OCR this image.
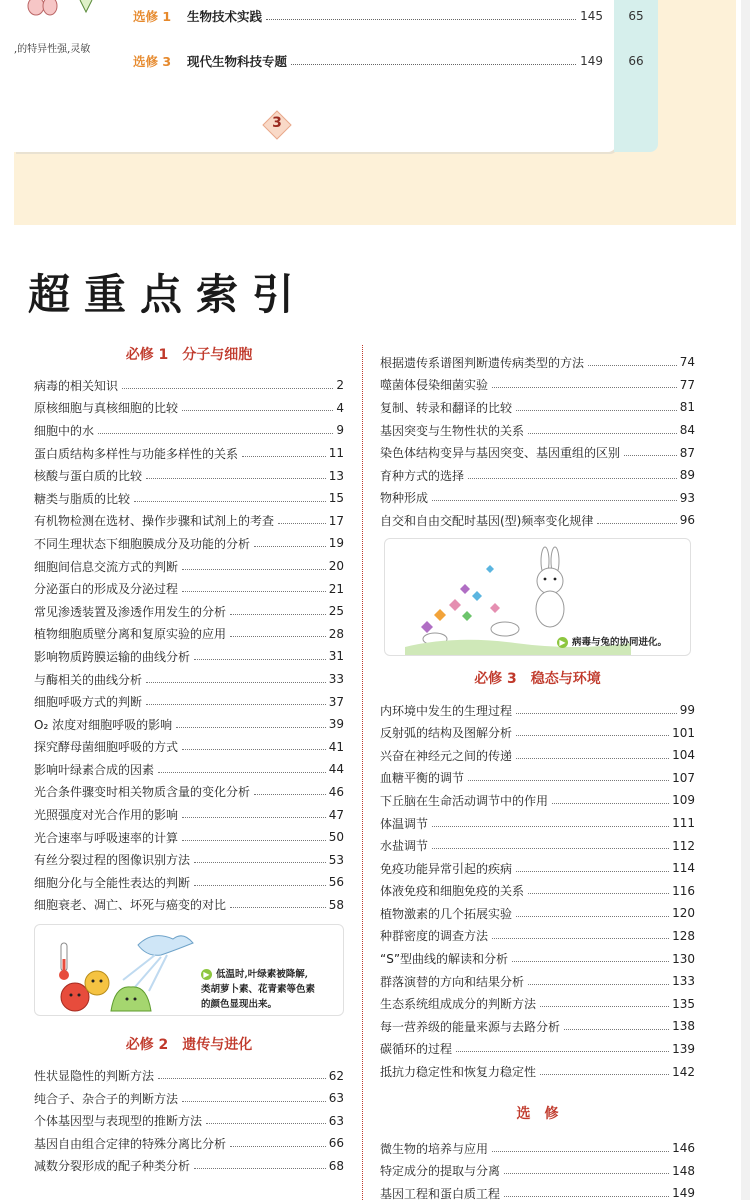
,的特异性强,灵敏
选修 1	生物技术实践	145	65
选修 3	现代生物科技专题	149	66
3
超重点索引
必修 1　分子与细胞
病毒的相关知识	2
原核细胞与真核细胞的比较	4
细胞中的水	9
蛋白质结构多样性与功能多样性的关系	11
核酸与蛋白质的比较	13
糖类与脂质的比较	15
有机物检测在选材、操作步骤和试剂上的考查	17
不同生理状态下细胞膜成分及功能的分析	19
细胞间信息交流方式的判断	20
分泌蛋白的形成及分泌过程	21
常见渗透装置及渗透作用发生的分析	25
植物细胞质壁分离和复原实验的应用	28
影响物质跨膜运输的曲线分析	31
与酶相关的曲线分析	33
细胞呼吸方式的判断	37
O₂ 浓度对细胞呼吸的影响	39
探究酵母菌细胞呼吸的方式	41
影响叶绿素合成的因素	44
光合条件骤变时相关物质含量的变化分析	46
光照强度对光合作用的影响	47
光合速率与呼吸速率的计算	50
有丝分裂过程的图像识别方法	53
细胞分化与全能性表达的判断	56
细胞衰老、凋亡、坏死与癌变的对比	58
▶ 低温时,叶绿素被降解,
类胡萝卜素、花青素等色素
的颜色显现出来。
必修 2　遗传与进化
性状显隐性的判断方法	62
纯合子、杂合子的判断方法	63
个体基因型与表现型的推断方法	63
基因自由组合定律的特殊分离比分析	66
减数分裂形成的配子种类分析	68
根据遗传系谱图判断遗传病类型的方法	74
噬菌体侵染细菌实验	77
复制、转录和翻译的比较	81
基因突变与生物性状的关系	84
染色体结构变异与基因突变、基因重组的区别	87
育种方式的选择	89
物种形成	93
自交和自由交配时基因(型)频率变化规律	96
▶ 病毒与兔的协同进化。
必修 3　稳态与环境
内环境中发生的生理过程	99
反射弧的结构及图解分析	101
兴奋在神经元之间的传递	104
血糖平衡的调节	107
下丘脑在生命活动调节中的作用	109
体温调节	111
水盐调节	112
免疫功能异常引起的疾病	114
体液免疫和细胞免疫的关系	116
植物激素的几个拓展实验	120
种群密度的调查方法	128
“S”型曲线的解读和分析	130
群落演替的方向和结果分析	133
生态系统组成成分的判断方法	135
每一营养级的能量来源与去路分析	138
碳循环的过程	139
抵抗力稳定性和恢复力稳定性	142
选　修
微生物的培养与应用	146
特定成分的提取与分离	148
基因工程和蛋白质工程	149
